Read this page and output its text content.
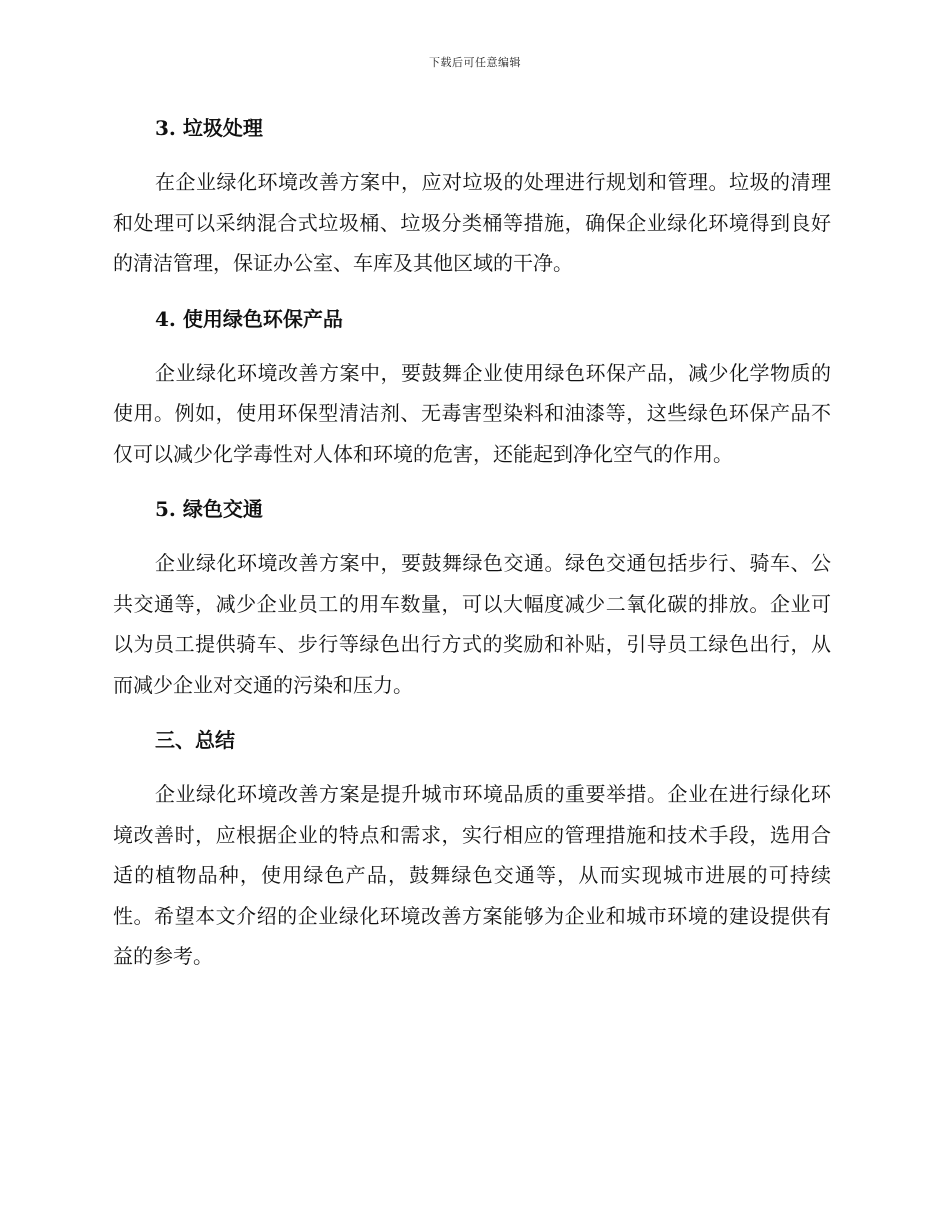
下载后可任意编辑
3. 垃圾处理

在企业绿化环境改善方案中，应对垃圾的处理进行规划和管理。垃圾的清理和处理可以采纳混合式垃圾桶、垃圾分类桶等措施，确保企业绿化环境得到良好的清洁管理，保证办公室、车库及其他区域的干净。

4. 使用绿色环保产品

企业绿化环境改善方案中，要鼓舞企业使用绿色环保产品，减少化学物质的使用。例如，使用环保型清洁剂、无毒害型染料和油漆等，这些绿色环保产品不仅可以减少化学毒性对人体和环境的危害，还能起到净化空气的作用。

5. 绿色交通

企业绿化环境改善方案中，要鼓舞绿色交通。绿色交通包括步行、骑车、公共交通等，减少企业员工的用车数量，可以大幅度减少二氧化碳的排放。企业可以为员工提供骑车、步行等绿色出行方式的奖励和补贴，引导员工绿色出行，从而减少企业对交通的污染和压力。

三、总结

企业绿化环境改善方案是提升城市环境品质的重要举措。企业在进行绿化环境改善时，应根据企业的特点和需求，实行相应的管理措施和技术手段，选用合适的植物品种，使用绿色产品，鼓舞绿色交通等，从而实现城市进展的可持续性。希望本文介绍的企业绿化环境改善方案能够为企业和城市环境的建设提供有益的参考。
